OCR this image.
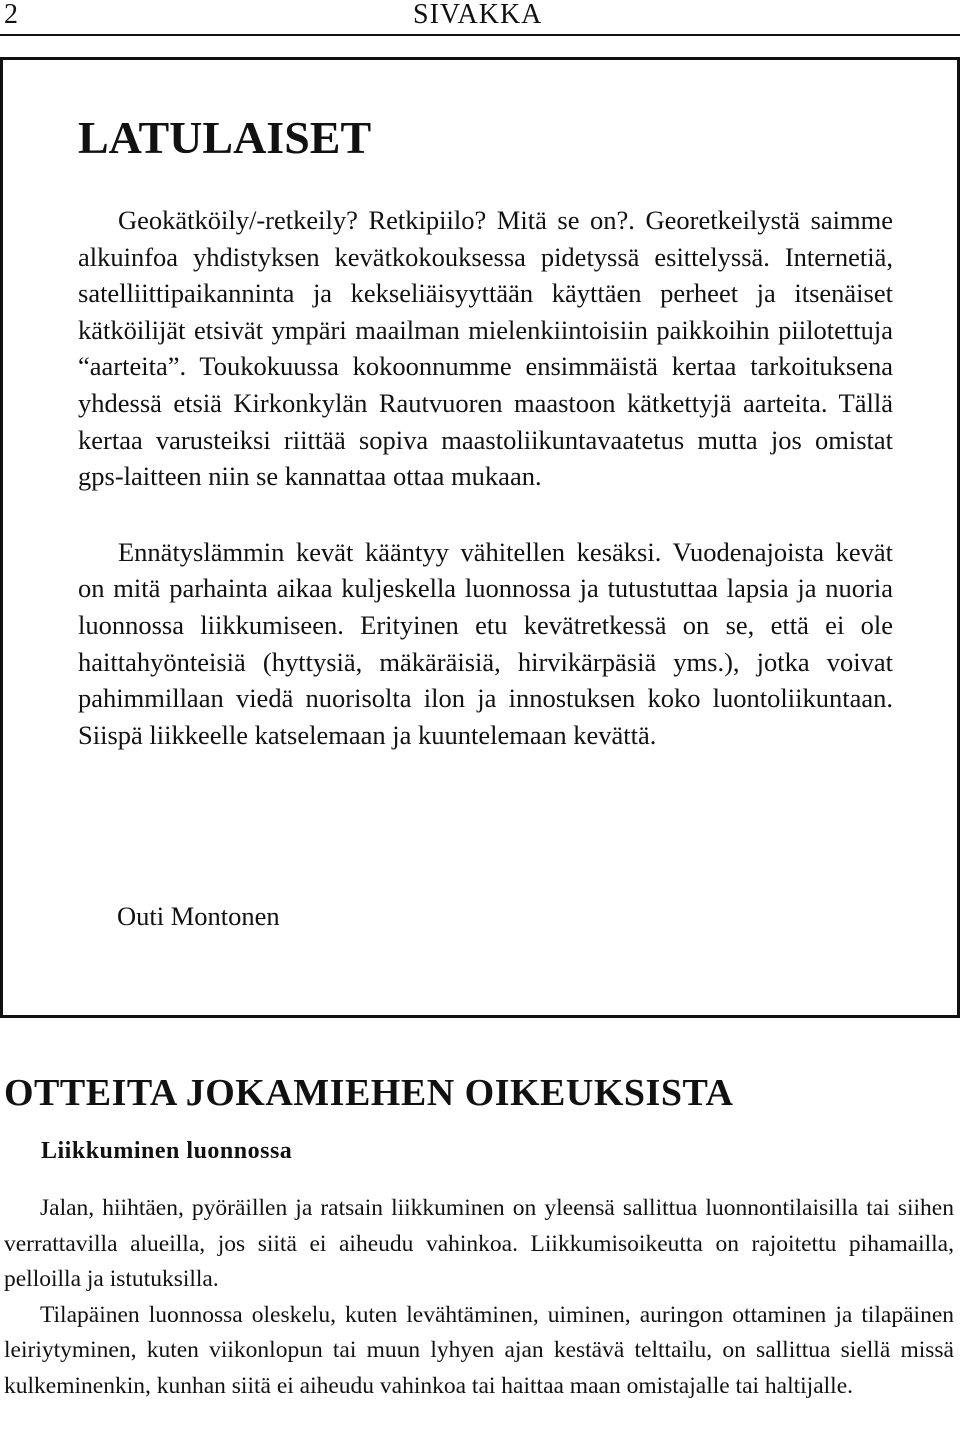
2	SIVAKKA
LATULAISET

Geokätköily/-retkeily? Retkipiilo? Mitä se on?. Georetkeilystä saimme alkuinfoa yhdistyksen kevätkokouksessa pidetyssä esittelyssä. Internetiä, satelliittipaikanninta ja kekseliäisyyttään käyttäen perheet ja itsenäiset kätköilijät etsivät ympäri maailman mielenkiintoisiin paikkoihin piilotettuja “aarteita”. Toukokuussa kokoonnumme ensimmäistä kertaa tarkoituksena yhdessä etsiä Kirkonkylän Rautvuoren maastoon kätkettyjä aarteita. Tällä kertaa varusteiksi riittää sopiva maastoliikuntavaatetus mutta jos omistat gps-laitteen niin se kannattaa ottaa mukaan.

Ennätyslämmin kevät kääntyy vähitellen kesäksi. Vuodenajoista kevät on mitä parhainta aikaa kuljeskella luonnossa ja tutustuttaa lapsia ja nuoria luonnossa liikkumiseen. Erityinen etu kevätretkessä on se, että ei ole haittahyönteisiä (hyttysiä, mäkäräisiä, hirvikärpäsiä yms.), jotka voivat pahimmillaan viedä nuorisolta ilon ja innostuksen koko luontoliikuntaan. Siispä liikkeelle katselemaan ja kuuntelemaan kevättä.

Outi Montonen
OTTEITA JOKAMIEHEN OIKEUKSISTA
Liikkuminen luonnossa

Jalan, hiihtäen, pyöräillen ja ratsain liikkuminen on yleensä sallittua luonnontilaisilla tai siihen verrattavilla alueilla, jos siitä ei aiheudu vahinkoa. Liikkumisoikeutta on rajoitettu pihamailla, pelloilla ja istutuksilla.

Tilapäinen luonnossa oleskelu, kuten levähtäminen, uiminen, auringon ottaminen ja tilapäinen leiriytyminen, kuten viikonlopun tai muun lyhyen ajan kestävä telttailu, on sallittua siellä missä kulkeminenkin, kunhan siitä ei aiheudu vahinkoa tai haittaa maan omistajalle tai haltijalle.
